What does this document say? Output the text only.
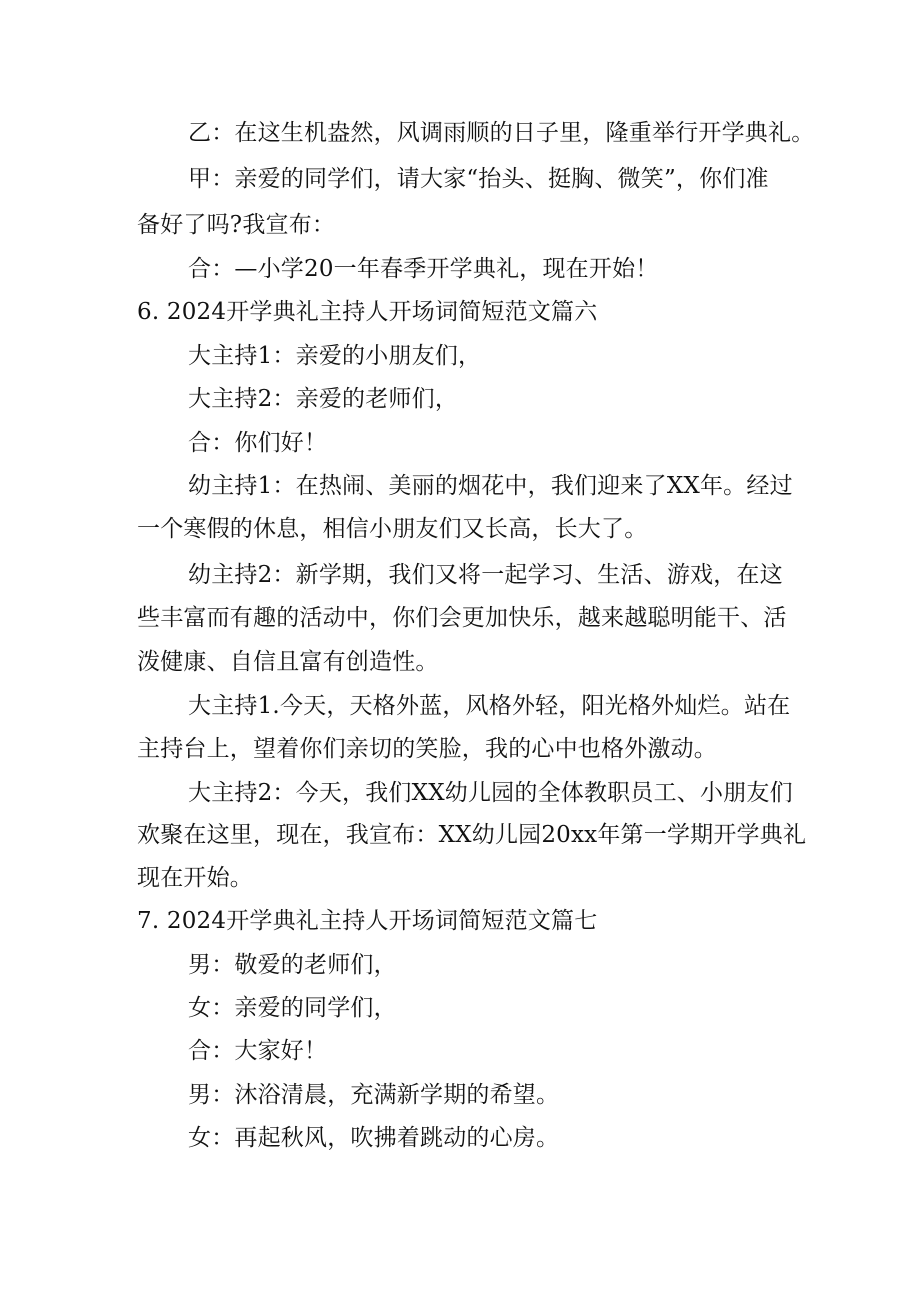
乙：在这生机盎然，风调雨顺的日子里，隆重举行开学典礼。
甲：亲爱的同学们，请大家“抬头、挺胸、微笑”，你们准
备好了吗?我宣布：
合：—小学20一年春季开学典礼，现在开始！
6. 2024开学典礼主持人开场词简短范文篇六
大主持1：亲爱的小朋友们，
大主持2：亲爱的老师们，
合：你们好！
幼主持1：在热闹、美丽的烟花中，我们迎来了XX年。经过
一个寒假的休息，相信小朋友们又长高，长大了。
幼主持2：新学期，我们又将一起学习、生活、游戏，在这
些丰富而有趣的活动中，你们会更加快乐，越来越聪明能干、活
泼健康、自信且富有创造性。
大主持1.今天，天格外蓝，风格外轻，阳光格外灿烂。站在
主持台上，望着你们亲切的笑脸，我的心中也格外激动。
大主持2：今天，我们XX幼儿园的全体教职员工、小朋友们
欢聚在这里，现在，我宣布：XX幼儿园20xx年第一学期开学典礼
现在开始。
7. 2024开学典礼主持人开场词简短范文篇七
男：敬爱的老师们，
女：亲爱的同学们，
合：大家好！
男：沐浴清晨，充满新学期的希望。
女：再起秋风，吹拂着跳动的心房。
